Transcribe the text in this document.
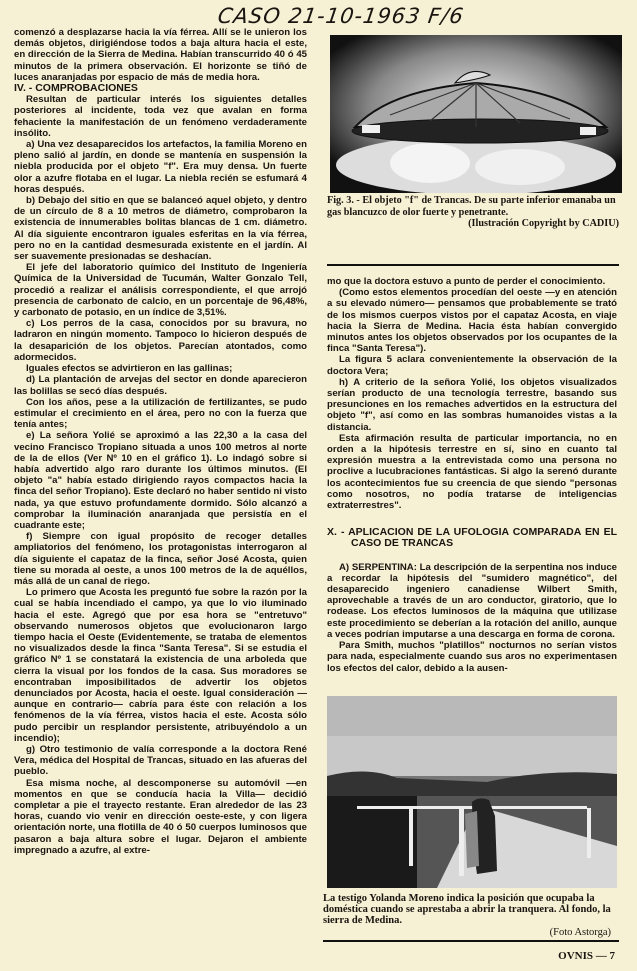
CASO 21-10-1963 F/6

comenzó a desplazarse hacia la vía férrea. Allí se le unieron los demás objetos, dirigiéndose todos a baja altura hacia el este, en dirección de la Sierra de Medina. Habían transcurrido 40 ó 45 minutos de la primera observación. El horizonte se tiñó de luces anaranjadas por espacio de más de media hora.

IV. - COMPROBACIONES

Resultan de particular interés los siguientes detalles posteriores al incidente, toda vez que avalan en forma fehaciente la manifestación de un fenómeno verdaderamente insólito.

a) Una vez desaparecidos los artefactos, la familia Moreno en pleno salió al jardín, en donde se mantenía en suspensión la niebla producida por el objeto "f". Era muy densa. Un fuerte olor a azufre flotaba en el lugar. La niebla recién se esfumará 4 horas después.

b) Debajo del sitio en que se balanceó aquel objeto, y dentro de un círculo de 8 a 10 metros de diámetro, comprobaron la existencia de innumerables bolitas blancas de 1 cm. diámetro. Al día siguiente encontraron iguales esferitas en la vía férrea, pero no en la cantidad desmesurada existente en el jardín. Al ser suavemente presionadas se deshacían.

El jefe del laboratorio químico del Instituto de Ingeniería Química de la Universidad de Tucumán, Walter Gonzalo Tell, procedió a realizar el análisis correspondiente, el que arrojó presencia de carbonato de calcio, en un porcentaje de 96,48%, y carbonato de potasio, en un índice de 3,51%.

c) Los perros de la casa, conocidos por su bravura, no ladraron en ningún momento. Tampoco lo hicieron después de la desaparición de los objetos. Parecían atontados, como adormecidos.

Iguales efectos se advirtieron en las gallinas;

d) La plantación de arvejas del sector en donde aparecieron las bolillas se secó días después.

Con los años, pese a la utilización de fertilizantes, se pudo estimular el crecimiento en el área, pero no con la fuerza que tenía antes;

e) La señora Yolié se aproximó a las 22,30 a la casa del vecino Francisco Tropiano situada a unos 100 metros al norte de la de ellos (Ver Nº 10 en el gráfico 1). Lo indagó sobre si había advertido algo raro durante los últimos minutos. (El objeto "a" había estado dirigiendo rayos compactos hacia la finca del señor Tropiano). Este declaró no haber sentido ni visto nada, ya que estuvo profundamente dormido. Sólo alcanzó a comprobar la iluminación anaranjada que persistía en el cuadrante este;

f) Siempre con igual propósito de recoger detalles ampliatorios del fenómeno, los protagonistas interrogaron al día siguiente el capataz de la finca, señor José Acosta, quien tiene su morada al oeste, a unos 100 metros de la de aquéllos, más allá de un canal de riego.

Lo primero que Acosta les preguntó fue sobre la razón por la cual se había incendiado el campo, ya que lo vio iluminado hacia el este. Agregó que por esa hora se "entretuvo" observando numerosos objetos que evolucionaron largo tiempo hacia el Oeste (Evidentemente, se trataba de elementos no visualizados desde la finca "Santa Teresa". Si se estudia el gráfico Nº 1 se constatará la existencia de una arboleda que cierra la visual por los fondos de la casa. Sus moradores se encontraban imposibilitados de advertir los objetos denunciados por Acosta, hacia el oeste. Igual consideración —aunque en contrario— cabría para éste con relación a los fenómenos de la vía férrea, vistos hacia el este. Acosta sólo pudo percibir un resplandor persistente, atribuyéndolo a un incendio);

g) Otro testimonio de valía corresponde a la doctora René Vera, médica del Hospital de Trancas, situado en las afueras del pueblo.

Esa misma noche, al descomponerse su automóvil —en momentos en que se conducía hacia la Villa— decidió completar a pie el trayecto restante. Eran alrededor de las 23 horas, cuando vio venir en dirección oeste-este, y con ligera orientación norte, una flotilla de 40 ó 50 cuerpos luminosos que pasaron a baja altura sobre el lugar. Dejaron el ambiente impregnado a azufre, al extre-

Fig. 3. - El objeto "f" de Trancas. De su parte inferior emanaba un gas blancuzco de olor fuerte y penetrante.
(Ilustración Copyright by CADIU)

mo que la doctora estuvo a punto de perder el conocimiento.

(Como estos elementos procedían del oeste —y en atención a su elevado número— pensamos que probablemente se trató de los mismos cuerpos vistos por el capataz Acosta, en viaje hacia la Sierra de Medina. Hacia ésta habían convergido minutos antes los objetos observados por los ocupantes de la finca "Santa Teresa").

La figura 5 aclara convenientemente la observación de la doctora Vera;

h) A criterio de la señora Yolié, los objetos visualizados serían producto de una tecnología terrestre, basando sus presunciones en los remaches advertidos en la estructura del objeto "f", así como en las sombras humanoides vistas a la distancia.

Esta afirmación resulta de particular importancia, no en orden a la hipótesis terrestre en sí, sino en cuanto tal expresión muestra a la entrevistada como una persona no proclive a lucubraciones fantásticas. Si algo la serenó durante los acontecimientos fue su creencia de que siendo "personas como nosotros, no podía tratarse de inteligencias extraterrestres".

X. - APLICACION DE LA UFOLOGIA COMPARADA EN EL CASO DE TRANCAS

A) SERPENTINA: La descripción de la serpentina nos induce a recordar la hipótesis del "sumidero magnético", del desaparecido ingeniero canadiense Wilbert Smith, aprovechable a través de un aro conductor, giratorio, que lo rodease. Los efectos luminosos de la máquina que utilizase este procedimiento se deberían a la rotación del anillo, aunque a veces podrían imputarse a una descarga en forma de corona.

Para Smith, muchos "platillos" nocturnos no serían vistos para nada, especialmente cuando sus aros no experimentasen los efectos del calor, debido a la ausen-

La testigo Yolanda Moreno indica la posición que ocupaba la doméstica cuando se aprestaba a abrir la tranquera. Al fondo, la sierra de Medina.
(Foto Astorga)
OVNIS — 7
